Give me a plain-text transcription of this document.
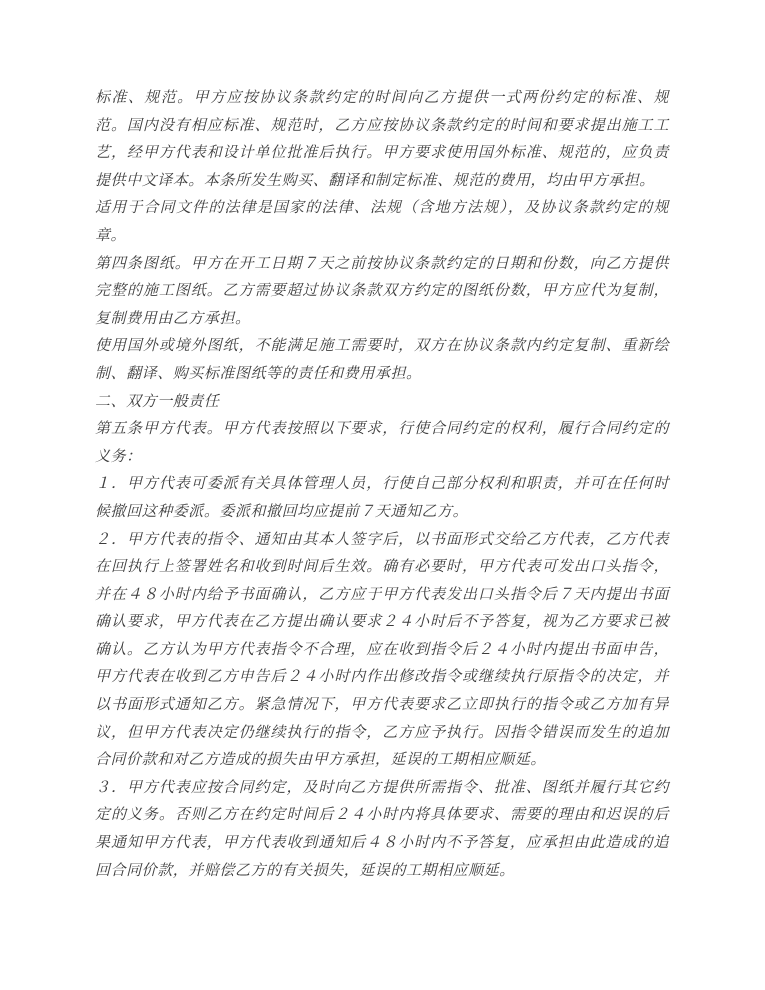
标准、规范。甲方应按协议条款约定的时间向乙方提供一式两份约定的标准、规范。国内没有相应标准、规范时，乙方应按协议条款约定的时间和要求提出施工工艺，经甲方代表和设计单位批准后执行。甲方要求使用国外标准、规范的，应负责提供中文译本。本条所发生购买、翻译和制定标准、规范的费用，均由甲方承担。

适用于合同文件的法律是国家的法律、法规（含地方法规），及协议条款约定的规章。

第四条图纸。甲方在开工日期７天之前按协议条款约定的日期和份数，向乙方提供完整的施工图纸。乙方需要超过协议条款双方约定的图纸份数，甲方应代为复制，复制费用由乙方承担。

使用国外或境外图纸，不能满足施工需要时，双方在协议条款内约定复制、重新绘制、翻译、购买标准图纸等的责任和费用承担。

二、双方一般责任

第五条甲方代表。甲方代表按照以下要求，行使合同约定的权利，履行合同约定的义务：

１．甲方代表可委派有关具体管理人员，行使自己部分权利和职责，并可在任何时候撤回这种委派。委派和撤回均应提前７天通知乙方。

２．甲方代表的指令、通知由其本人签字后，以书面形式交给乙方代表，乙方代表在回执行上签署姓名和收到时间后生效。确有必要时，甲方代表可发出口头指令，并在４８小时内给予书面确认，乙方应于甲方代表发出口头指令后７天内提出书面确认要求，甲方代表在乙方提出确认要求２４小时后不予答复，视为乙方要求已被确认。乙方认为甲方代表指令不合理，应在收到指令后２４小时内提出书面申告，甲方代表在收到乙方申告后２４小时内作出修改指令或继续执行原指令的决定，并以书面形式通知乙方。紧急情况下，甲方代表要求乙立即执行的指令或乙方加有异议，但甲方代表决定仍继续执行的指令，乙方应予执行。因指令错误而发生的追加合同价款和对乙方造成的损失由甲方承担，延误的工期相应顺延。

３．甲方代表应按合同约定，及时向乙方提供所需指令、批准、图纸并履行其它约定的义务。否则乙方在约定时间后２４小时内将具体要求、需要的理由和迟误的后果通知甲方代表，甲方代表收到通知后４８小时内不予答复，应承担由此造成的追回合同价款，并赔偿乙方的有关损失，延误的工期相应顺延。
